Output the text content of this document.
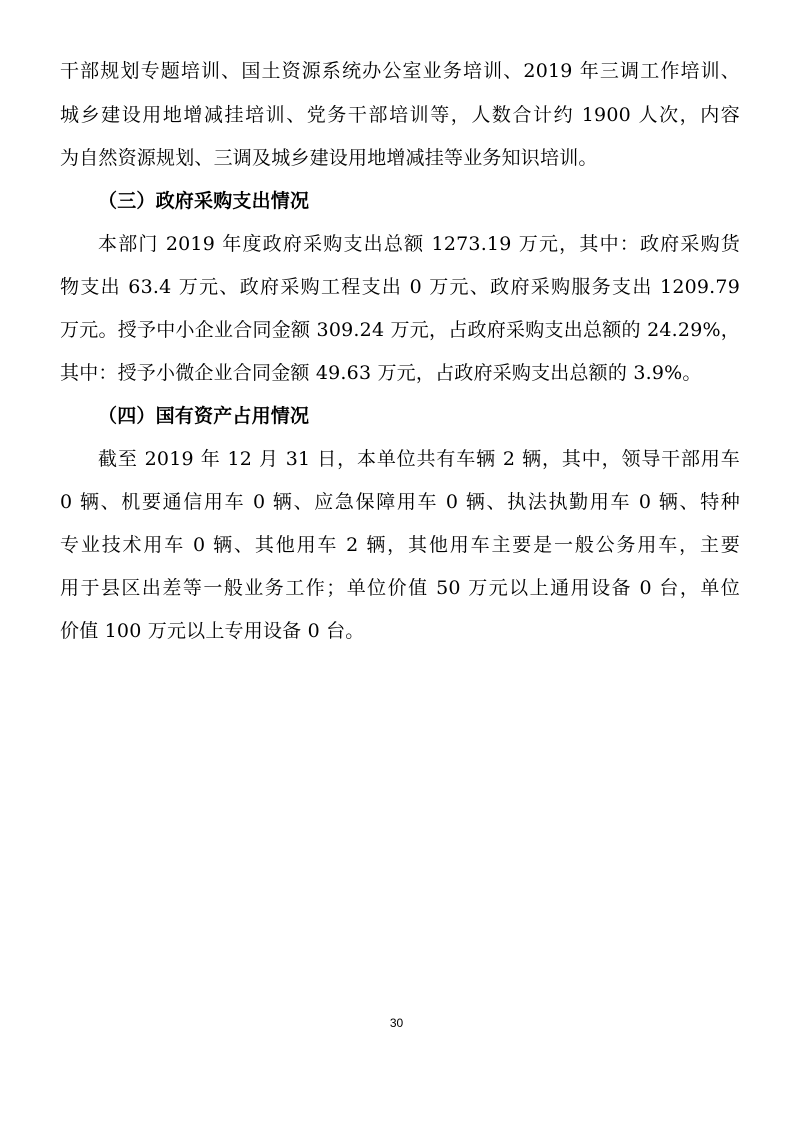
干部规划专题培训、国土资源系统办公室业务培训、2019 年三调工作培训、
城乡建设用地增减挂培训、党务干部培训等，人数合计约 1900 人次，内容
为自然资源规划、三调及城乡建设用地增减挂等业务知识培训。
（三）政府采购支出情况
本部门 2019 年度政府采购支出总额 1273.19 万元，其中：政府采购货
物支出 63.4 万元、政府采购工程支出 0 万元、政府采购服务支出 1209.79
万元。授予中小企业合同金额 309.24 万元，占政府采购支出总额的 24.29%，
其中：授予小微企业合同金额 49.63 万元，占政府采购支出总额的 3.9%。
（四）国有资产占用情况
截至 2019 年 12 月 31 日，本单位共有车辆 2 辆，其中，领导干部用车
0 辆、机要通信用车 0 辆、应急保障用车 0 辆、执法执勤用车 0 辆、特种
专业技术用车 0 辆、其他用车 2 辆，其他用车主要是一般公务用车，主要
用于县区出差等一般业务工作；单位价值 50 万元以上通用设备 0 台，单位
价值 100 万元以上专用设备 0 台。
30
